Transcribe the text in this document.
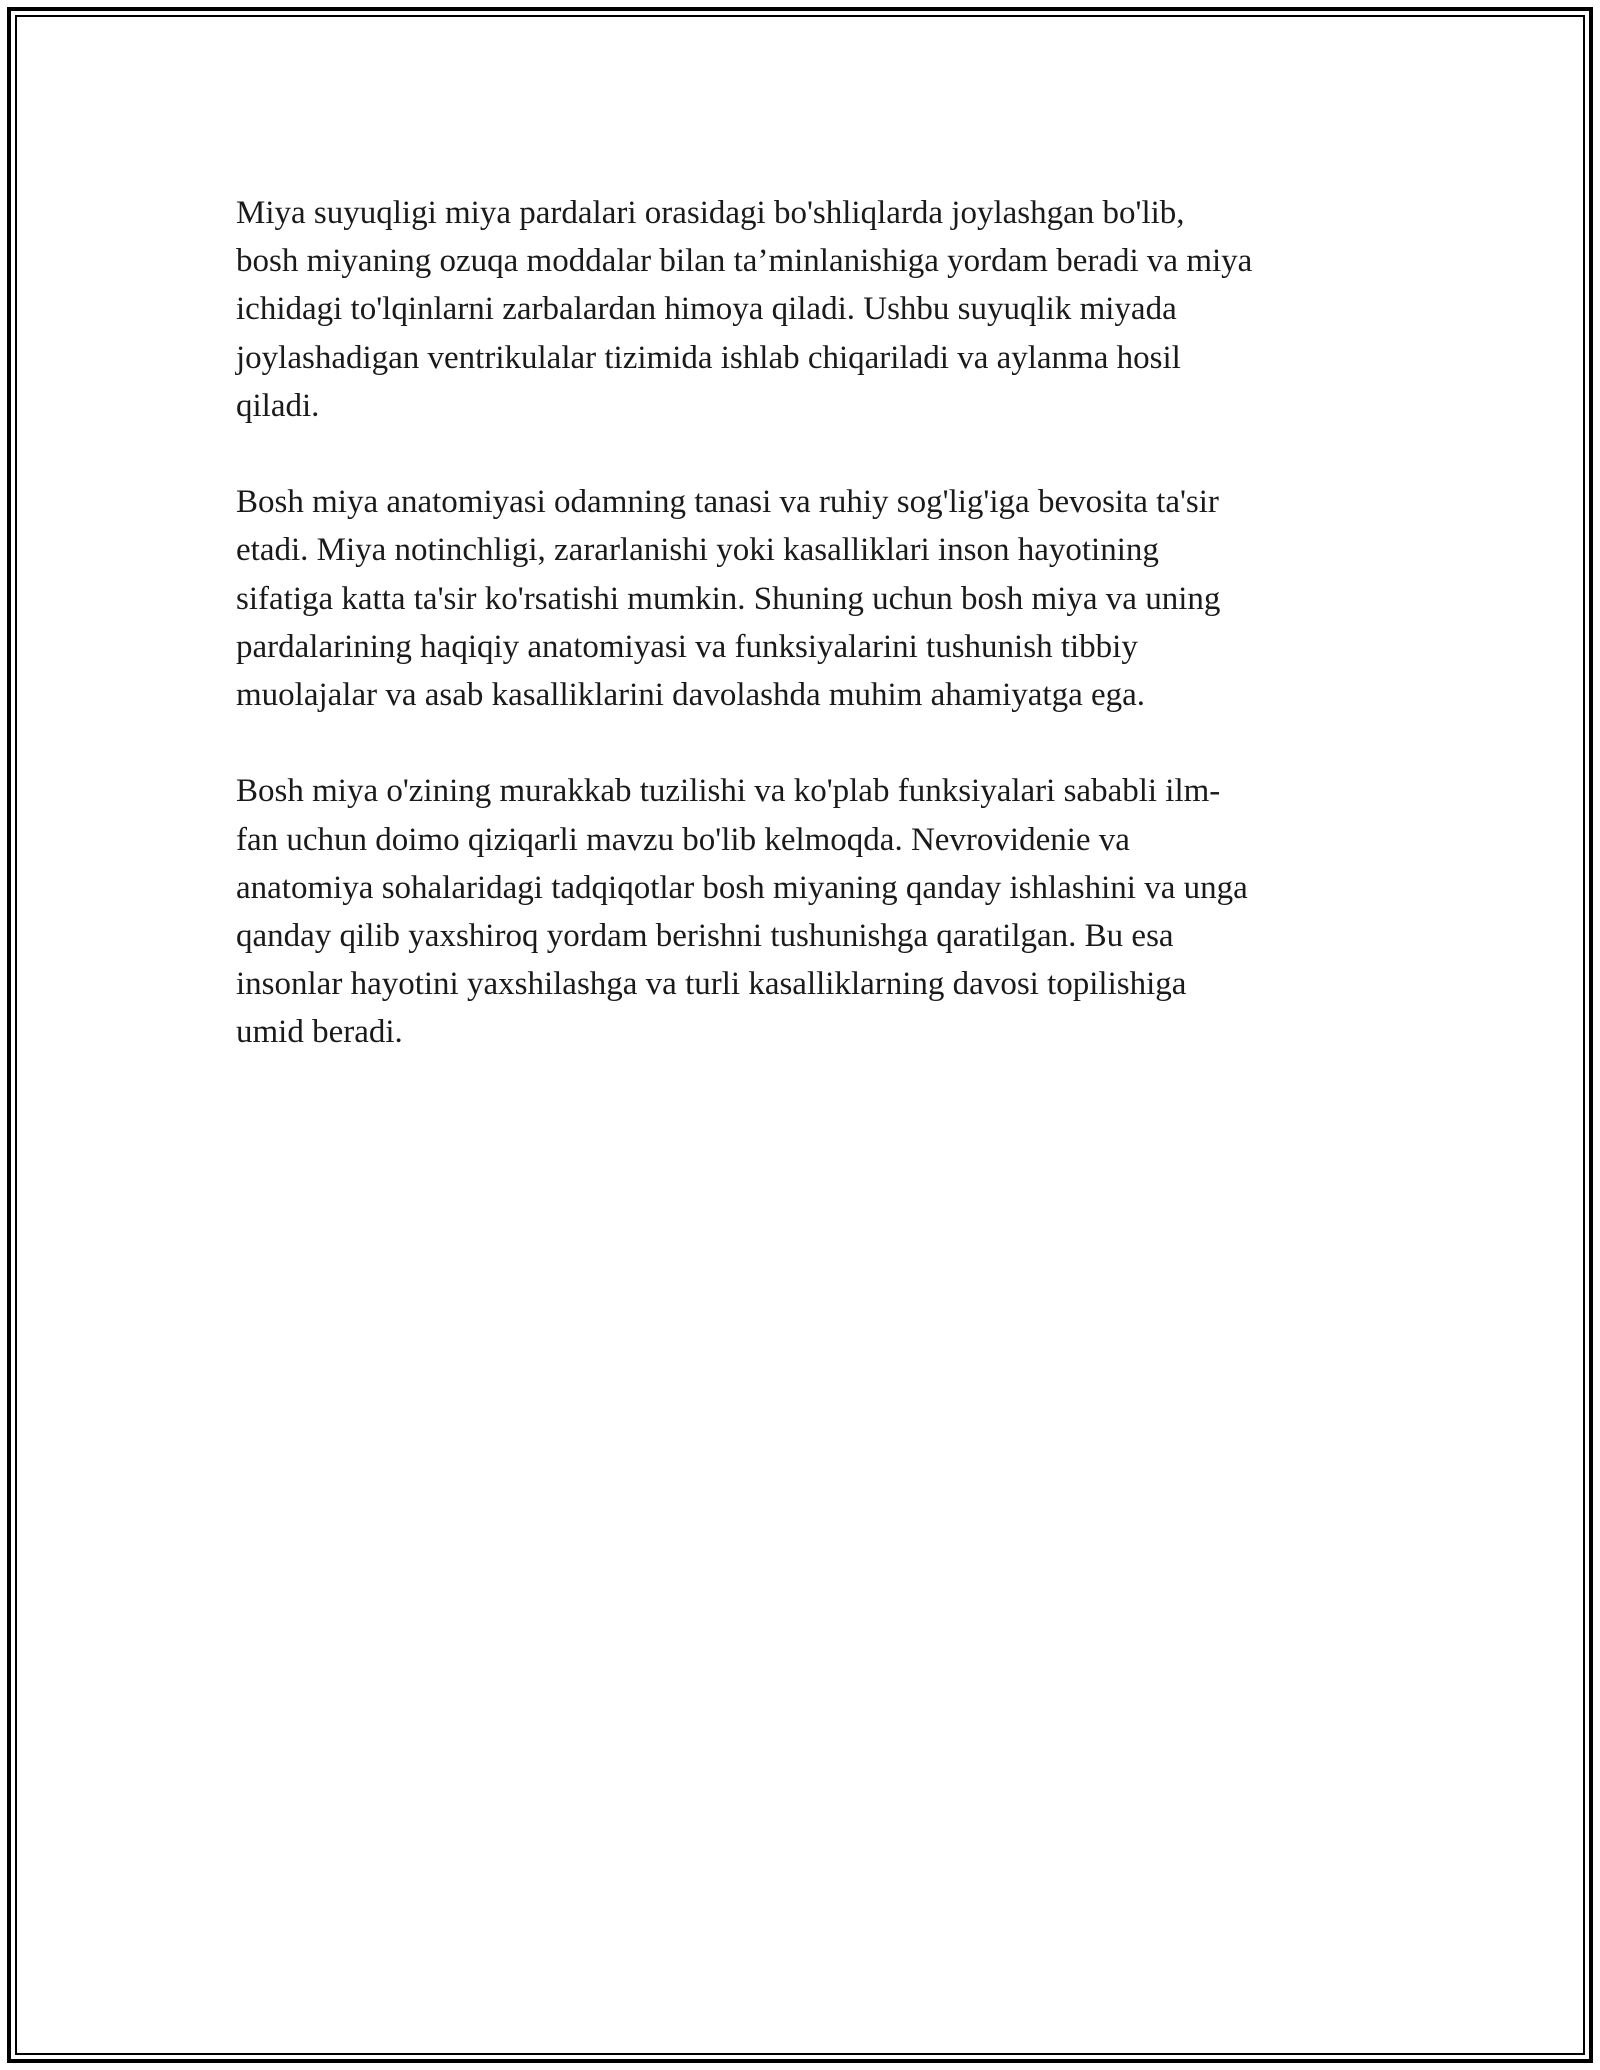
Miya suyuqligi miya pardalari orasidagi bo'shliqlarda joylashgan bo'lib,
bosh miyaning ozuqa moddalar bilan ta’minlanishiga yordam beradi va miya
ichidagi to'lqinlarni zarbalardan himoya qiladi. Ushbu suyuqlik miyada
joylashadigan ventrikulalar tizimida ishlab chiqariladi va aylanma hosil
qiladi.

Bosh miya anatomiyasi odamning tanasi va ruhiy sog'lig'iga bevosita ta'sir
etadi. Miya notinchligi, zararlanishi yoki kasalliklari inson hayotining
sifatiga katta ta'sir ko'rsatishi mumkin. Shuning uchun bosh miya va uning
pardalarining haqiqiy anatomiyasi va funksiyalarini tushunish tibbiy
muolajalar va asab kasalliklarini davolashda muhim ahamiyatga ega.

Bosh miya o'zining murakkab tuzilishi va ko'plab funksiyalari sababli ilm-
fan uchun doimo qiziqarli mavzu bo'lib kelmoqda. Nevrovidenie va
anatomiya sohalaridagi tadqiqotlar bosh miyaning qanday ishlashini va unga
qanday qilib yaxshiroq yordam berishni tushunishga qaratilgan. Bu esa
insonlar hayotini yaxshilashga va turli kasalliklarning davosi topilishiga
umid beradi.
